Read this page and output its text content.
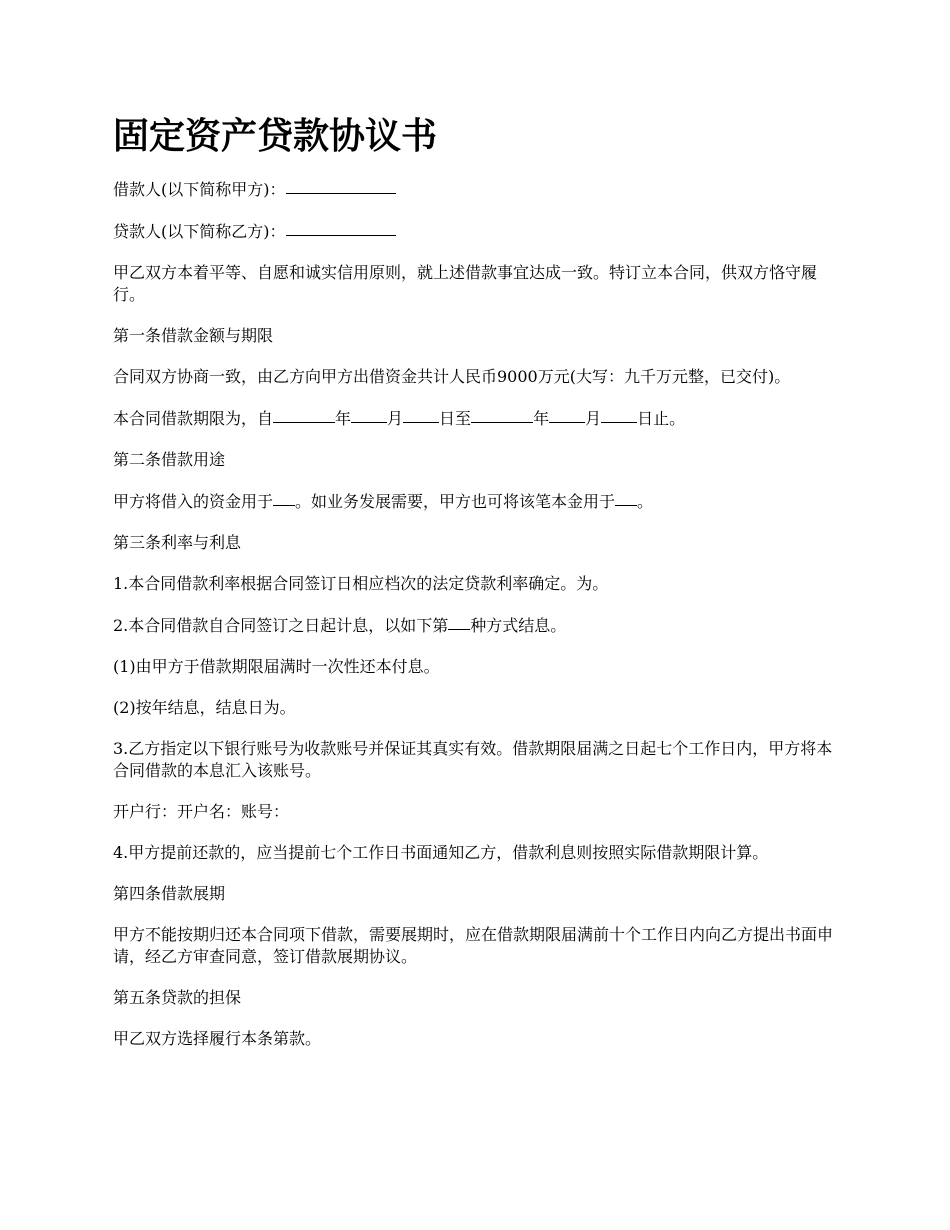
固定资产贷款协议书

借款人(以下简称甲方)：

贷款人(以下简称乙方)：

甲乙双方本着平等、自愿和诚实信用原则，就上述借款事宜达成一致。特订立本合同，供双方恪守履行。

第一条借款金额与期限

合同双方协商一致，由乙方向甲方出借资金共计人民币9000万元(大写：九千万元整，已交付)。

本合同借款期限为，自	年 月 日至	年 月 日止。

第二条借款用途

甲方将借入的资金用于 。如业务发展需要，甲方也可将该笔本金用于 。

第三条利率与利息

1.本合同借款利率根据合同签订日相应档次的法定贷款利率确定。为。

2.本合同借款自合同签订之日起计息，以如下第 种方式结息。

(1)由甲方于借款期限届满时一次性还本付息。

(2)按年结息，结息日为。

3.乙方指定以下银行账号为收款账号并保证其真实有效。借款期限届满之日起七个工作日内，甲方将本合同借款的本息汇入该账号。

开户行：开户名：账号：

4.甲方提前还款的，应当提前七个工作日书面通知乙方，借款利息则按照实际借款期限计算。

第四条借款展期

甲方不能按期归还本合同项下借款，需要展期时，应在借款期限届满前十个工作日内向乙方提出书面申请，经乙方审查同意，签订借款展期协议。

第五条贷款的担保

甲乙双方选择履行本条第款。
